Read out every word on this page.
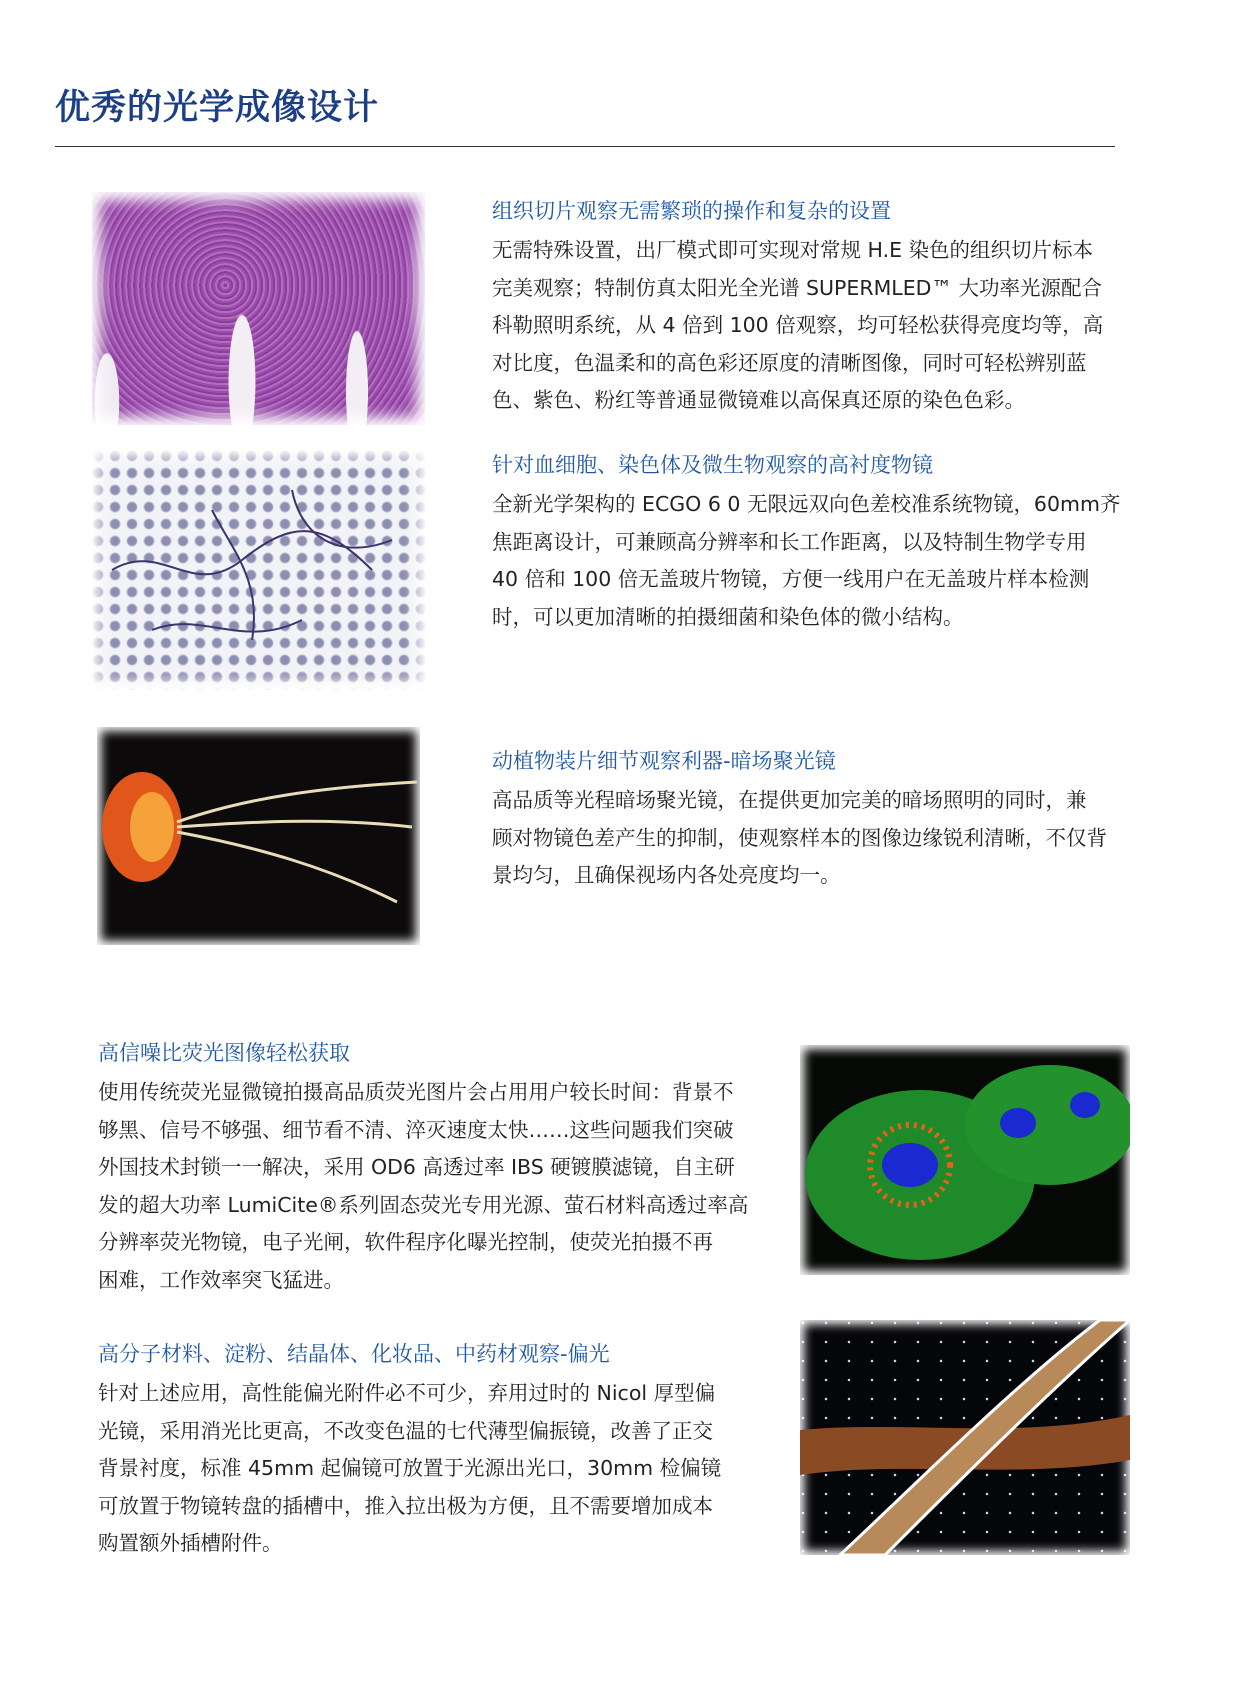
优秀的光学成像设计
组织切片观察无需繁琐的操作和复杂的设置

无需特殊设置，出厂模式即可实现对常规 H.E 染色的组织切片标本

完美观察；特制仿真太阳光全光谱 SUPERMLED™ 大功率光源配合

科勒照明系统，从 4 倍到 100 倍观察，均可轻松获得亮度均等，高

对比度，色温柔和的高色彩还原度的清晰图像，同时可轻松辨别蓝

色、紫色、粉红等普通显微镜难以高保真还原的染色色彩。

针对血细胞、染色体及微生物观察的高衬度物镜

全新光学架构的 ECGO 6 0 无限远双向色差校准系统物镜，60mm齐

焦距离设计，可兼顾高分辨率和长工作距离，以及特制生物学专用

40 倍和 100 倍无盖玻片物镜，方便一线用户在无盖玻片样本检测

时，可以更加清晰的拍摄细菌和染色体的微小结构。

动植物装片细节观察利器-暗场聚光镜

高品质等光程暗场聚光镜，在提供更加完美的暗场照明的同时，兼

顾对物镜色差产生的抑制，使观察样本的图像边缘锐利清晰，不仅背

景均匀，且确保视场内各处亮度均一。

高信噪比荧光图像轻松获取

使用传统荧光显微镜拍摄高品质荧光图片会占用用户较长时间：背景不

够黑、信号不够强、细节看不清、淬灭速度太快……这些问题我们突破

外国技术封锁一一解决，采用 OD6 高透过率 IBS 硬镀膜滤镜，自主研

发的超大功率 LumiCite®系列固态荧光专用光源、萤石材料高透过率高

分辨率荧光物镜，电子光闸，软件程序化曝光控制，使荧光拍摄不再

困难，工作效率突飞猛进。

高分子材料、淀粉、结晶体、化妆品、中药材观察-偏光

针对上述应用，高性能偏光附件必不可少，弃用过时的 Nicol 厚型偏

光镜，采用消光比更高，不改变色温的七代薄型偏振镜，改善了正交

背景衬度，标准 45mm 起偏镜可放置于光源出光口，30mm 检偏镜

可放置于物镜转盘的插槽中，推入拉出极为方便，且不需要增加成本

购置额外插槽附件。
